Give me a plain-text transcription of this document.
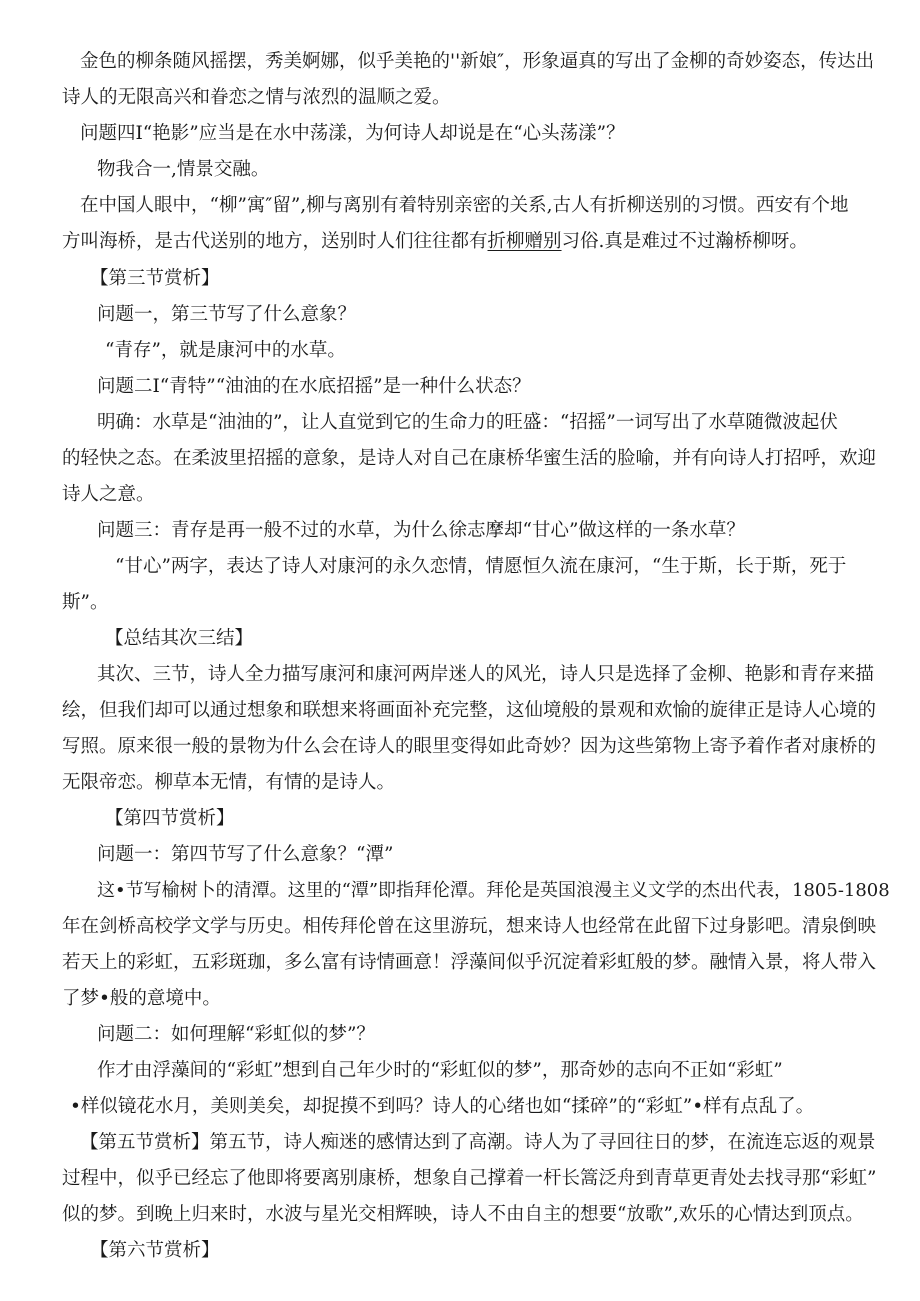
金色的柳条随风摇摆，秀美婀娜，似乎美艳的''新娘″，形象逼真的写出了金柳的奇妙姿态，传达出
诗人的无限高兴和眷恋之情与浓烈的温顺之爱。
问题四I“艳影”应当是在水中荡漾，为何诗人却说是在“心头荡漾”？
物我合一,情景交融。
在中国人眼中，“柳”寓″留”,柳与离别有着特别亲密的关系,古人有折柳送别的习惯。西安有个地
方叫海桥，是古代送别的地方，送别时人们往往都有折柳赠别习俗.真是难过不过瀚桥柳呀。
【第三节赏析】
问题一，第三节写了什么意象？
“青存”，就是康河中的水草。
问题二I“青特”“油油的在水底招摇”是一种什么状态？
明确：水草是“油油的”，让人直觉到它的生命力的旺盛：“招摇”一词写出了水草随微波起伏
的轻快之态。在柔波里招摇的意象，是诗人对自己在康桥华蜜生活的脸喻，并有向诗人打招呼，欢迎
诗人之意。
问题三：青存是再一般不过的水草，为什么徐志摩却“甘心”做这样的一条水草？
“甘心”两字，表达了诗人对康河的永久恋情，情愿恒久流在康河，“生于斯，长于斯，死于
斯”。
【总结其次三结】
其次、三节，诗人全力描写康河和康河两岸迷人的风光，诗人只是选择了金柳、艳影和青存来描
绘，但我们却可以通过想象和联想来将画面补充完整，这仙境般的景观和欢愉的旋律正是诗人心境的
写照。原来很一般的景物为什么会在诗人的眼里变得如此奇妙？因为这些第物上寄予着作者对康桥的
无限帝恋。柳草本无情，有情的是诗人。
【第四节赏析】
问题一：第四节写了什么意象？“潭”
这•节写榆树卜的清潭。这里的“潭”即指拜伦潭。拜伦是英国浪漫主义文学的杰出代表，1805-1808
年在剑桥高校学文学与历史。相传拜伦曾在这里游玩，想来诗人也经常在此留下过身影吧。清泉倒映
若天上的彩虹，五彩斑珈，多么富有诗情画意！浮藻间似乎沉淀着彩虹般的梦。融情入景，将人带入
了梦•般的意境中。
问题二：如何理解“彩虹似的梦”？
作才由浮藻间的“彩虹”想到自己年少时的“彩虹似的梦”，那奇妙的志向不正如“彩虹”
•样似镜花水月，美则美矣，却捉摸不到吗？诗人的心绪也如“揉碎”的“彩虹”•样有点乱了。
【第五节赏析】第五节，诗人痴迷的感情达到了高潮。诗人为了寻回往日的梦，在流连忘返的观景
过程中，似乎已经忘了他即将要离别康桥，想象自己撑着一杆长篙泛舟到青草更青处去找寻那“彩虹”
似的梦。到晚上归来时，水波与星光交相辉映，诗人不由自主的想要“放歌”,欢乐的心情达到顶点。
【第六节赏析】
